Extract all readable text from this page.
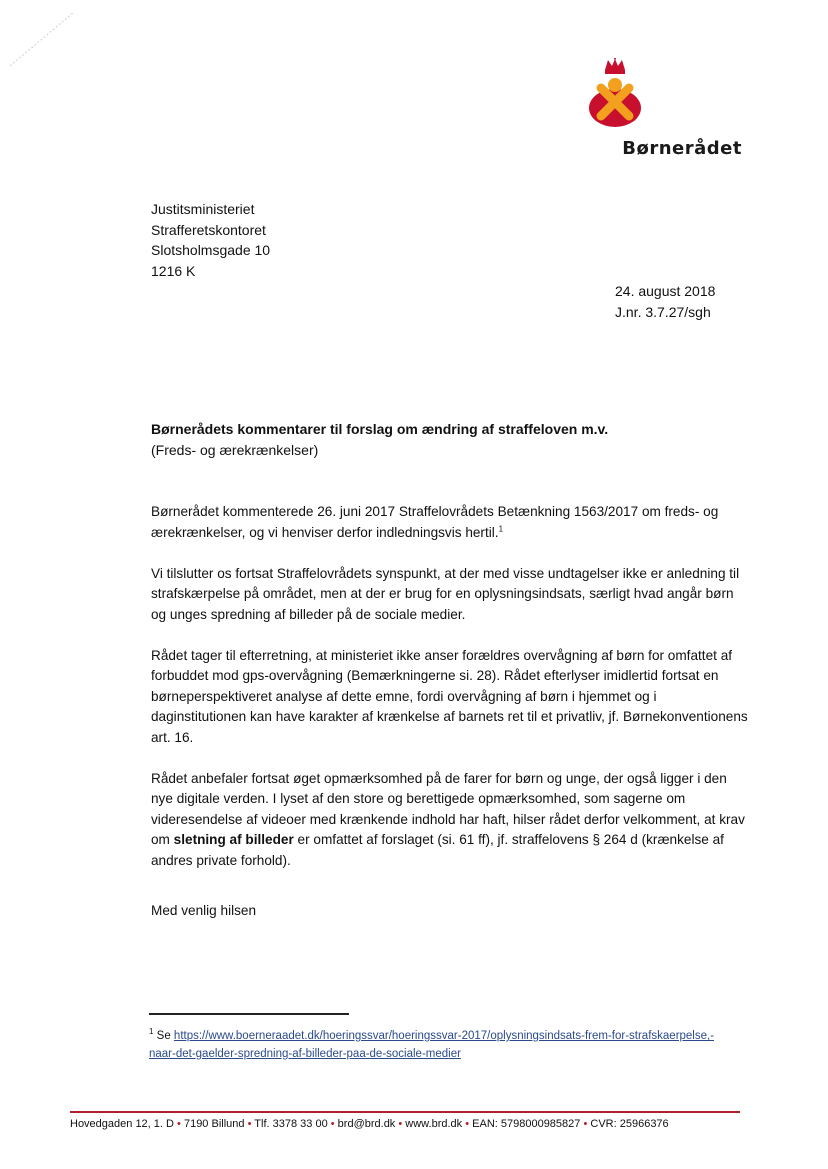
Børnerådet
Justitsministeriet
Strafferetskontoret
Slotsholmsgade 10
1216 K
24. august 2018
J.nr. 3.7.27/sgh
Børnerådets kommentarer til forslag om ændring af straffeloven m.v.
(Freds- og ærekrænkelser)

Børnerådet kommenterede 26. juni 2017 Straffelovrådets Betænkning 1563/2017 om freds- og ærekrænkelser, og vi henviser derfor indledningsvis hertil.$^1$

Vi tilslutter os fortsat Straffelovrådets synspunkt, at der med visse undtagelser ikke er anledning til strafskærpelse på området, men at der er brug for en oplysningsindsats, særligt hvad angår børn og unges spredning af billeder på de sociale medier.

Rådet tager til efterretning, at ministeriet ikke anser forældres overvågning af børn for omfattet af forbuddet mod gps-overvågning (Bemærkningerne si. 28). Rådet efterlyser imidlertid fortsat en børneperspektiveret analyse af dette emne, fordi overvågning af børn i hjemmet og i daginstitutionen kan have karakter af krænkelse af barnets ret til et privatliv, jf. Børnekonventionens art. 16.

Rådet anbefaler fortsat øget opmærksomhed på de farer for børn og unge, der også ligger i den nye digitale verden. I lyset af den store og berettigede opmærksomhed, som sagerne om videresendelse af videoer med krænkende indhold har haft, hilser rådet derfor velkomment, at krav om sletning af billeder er omfattet af forslaget (si. 61 ff), jf. straffelovens § 264 d (krænkelse af andres private forhold).

Med venlig hilsen
$^1$ Se https://www.boerneraadet.dk/hoeringssvar/hoeringssvar-2017/oplysningsindsats-frem-for-strafskaerpelse,-naar-det-gaelder-spredning-af-billeder-paa-de-sociale-medier
Hovedgaden 12, 1. D • 7190 Billund • Tlf. 3378 33 00 • brd@brd.dk • www.brd.dk • EAN: 5798000985827 • CVR: 25966376
